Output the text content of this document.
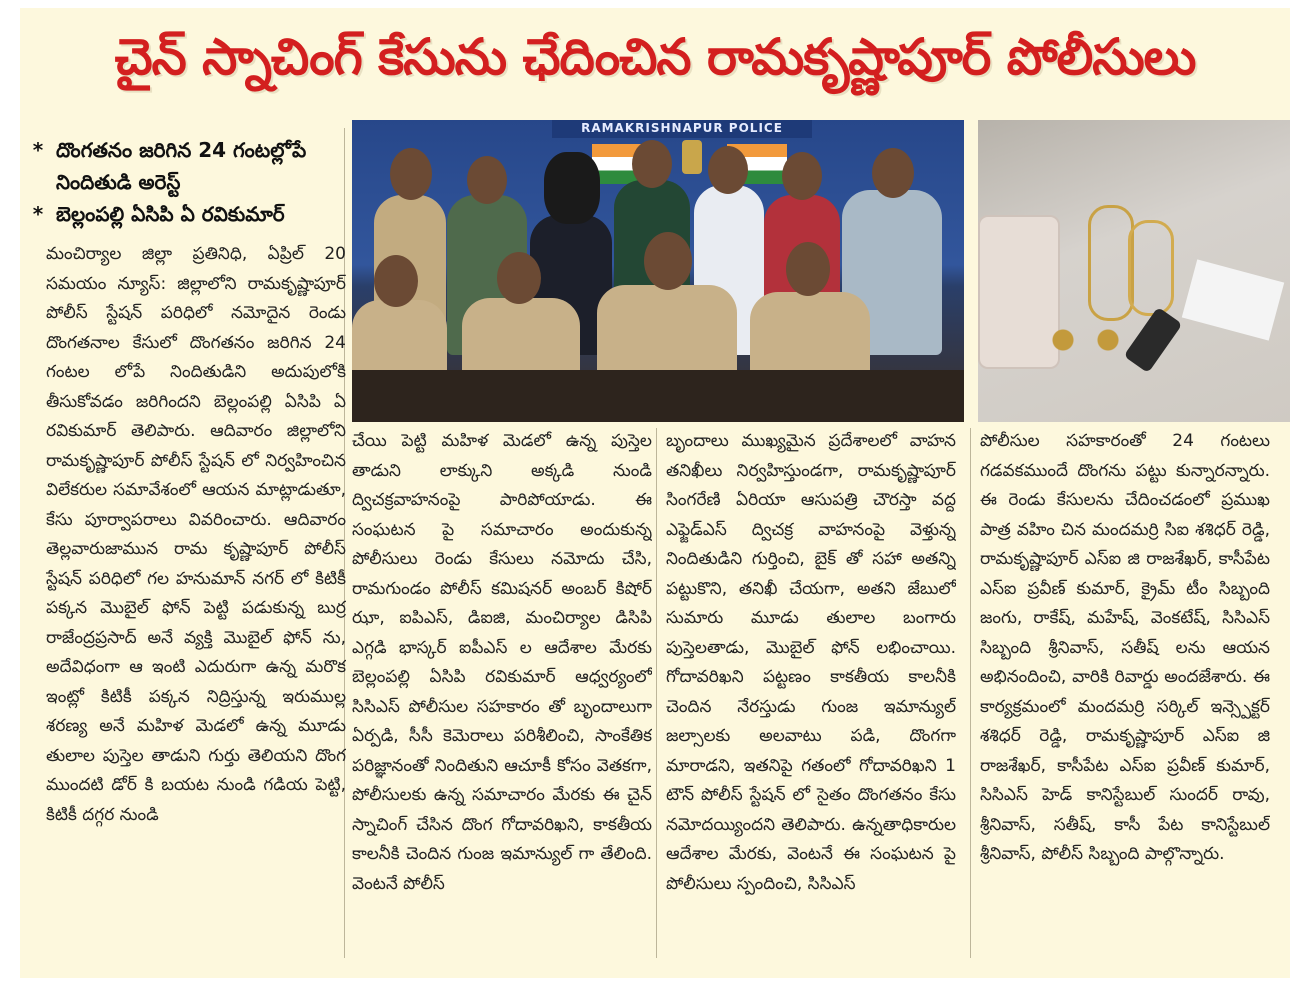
చైన్ స్నాచింగ్ కేసును ఛేదించిన రామకృష్ణాపూర్ పోలీసులు
* దొంగతనం జరిగిన 24 గంటల్లోపే నిందితుడి అరెస్ట్
* బెల్లంపల్లి ఏసిపి ఏ రవికుమార్
RAMAKRISHNAPUR POLICE

మంచిర్యాల జిల్లా ప్రతినిధి, ఏప్రిల్ 20 సమయం న్యూస్: జిల్లాలోని రామకృష్ణాపూర్ పోలీస్ స్టేషన్ పరిధిలో నమోదైన రెండు దొంగతనాల కేసులో దొంగతనం జరిగిన 24 గంటల లోపే నిందితుడిని అదుపులోకి తీసుకోవడం జరిగిందని బెల్లంపల్లి ఏసిపి ఏ రవికుమార్ తెలిపారు. ఆదివారం జిల్లాలోని రామకృష్ణాపూర్ పోలీస్ స్టేషన్ లో నిర్వహించిన విలేకరుల సమావేశంలో ఆయన మాట్లాడుతూ, కేసు పూర్వాపరాలు వివరించారు. ఆదివారం తెల్లవారుజామున రామ కృష్ణాపూర్ పోలీస్ స్టేషన్ పరిధిలో గల హనుమాన్ నగర్ లో కిటికీ పక్కన మొబైల్ ఫోన్ పెట్టి పడుకున్న బుర్ర రాజేంద్రప్రసాద్ అనే వ్యక్తి మొబైల్ ఫోన్ ను, అదేవిధంగా ఆ ఇంటి ఎదురుగా ఉన్న మరొక ఇంట్లో కిటికీ పక్కన నిద్రిస్తున్న ఇరుముల్ల శరణ్య అనే మహిళ మెడలో ఉన్న మూడు తులాల పుస్తెల తాడుని గుర్తు తెలియని దొంగ ముందటి డోర్ కి బయట నుండి గడియ పెట్టి, కిటికీ దగ్గర నుండి

చేయి పెట్టి మహిళ మెడలో ఉన్న పుస్తెల తాడుని లాక్కుని అక్కడి నుండి ద్విచక్రవాహనంపై పారిపోయాడు. ఈ సంఘటన పై సమాచారం అందుకున్న పోలీసులు రెండు కేసులు నమోదు చేసి, రామగుండం పోలీస్ కమిషనర్ అంబర్ కిషోర్ ఝా, ఐపిఎస్, డిఐజి, మంచిర్యాల డిసిపి ఎగ్గడి భాస్కర్ ఐపీఎస్ ల ఆదేశాల మేరకు బెల్లంపల్లి ఏసిపి రవికుమార్ ఆధ్వర్యంలో సిసిఎస్ పోలీసుల సహకారం తో బృందాలుగా ఏర్పడి, సీసీ కెమెరాలు పరిశీలించి, సాంకేతిక పరిజ్ఞానంతో నిందితుని ఆచూకీ కోసం వెతకగా, పోలీసులకు ఉన్న సమాచారం మేరకు ఈ చైన్ స్నాచింగ్ చేసిన దొంగ గోదావరిఖని, కాకతీయ కాలనీకి చెందిన గుంజ ఇమాన్యుల్ గా తేలింది. వెంటనే పోలీస్

బృందాలు ముఖ్యమైన ప్రదేశాలలో వాహన తనిఖీలు నిర్వహిస్తుండగా, రామకృష్ణాపూర్ సింగరేణి ఏరియా ఆసుపత్రి చౌరస్తా వద్ద ఎఫ్జెడ్ఎస్ ద్విచక్ర వాహనంపై వెళ్తున్న నిందితుడిని గుర్తించి, బైక్ తో సహా అతన్ని పట్టుకొని, తనిఖీ చేయగా, అతని జేబులో సుమారు మూడు తులాల బంగారు పుస్తెలతాడు, మొబైల్ ఫోన్ లభించాయి. గోదావరిఖని పట్టణం కాకతీయ కాలనీకి చెందిన నేరస్తుడు గుంజ ఇమాన్యుల్ జల్సాలకు అలవాటు పడి, దొంగగా మారాడని, ఇతనిపై గతంలో గోదావరిఖని 1 టౌన్ పోలీస్ స్టేషన్ లో సైతం దొంగతనం కేసు నమోదయ్యిందని తెలిపారు. ఉన్నతాధికారుల ఆదేశాల మేరకు, వెంటనే ఈ సంఘటన పై పోలీసులు స్పందించి, సిసిఎస్

పోలీసుల సహకారంతో 24 గంటలు గడవకముందే దొంగను పట్టు కున్నారన్నారు. ఈ రెండు కేసులను చేదించడంలో ప్రముఖ పాత్ర వహిం చిన మందమర్రి సిఐ శశిధర్ రెడ్డి, రామకృష్ణాపూర్ ఎస్ఐ జి రాజశేఖర్, కాసీపేట ఎస్ఐ ప్రవీణ్ కుమార్, క్రైమ్ టీం సిబ్బంది జంగు, రాకేష్, మహేష్, వెంకటేష్, సిసిఎస్ సిబ్బంది శ్రీనివాస్, సతీష్ లను ఆయన అభినందించి, వారికి రివార్డు అందజేశారు. ఈ కార్యక్రమంలో మందమర్రి సర్కిల్ ఇన్స్పెక్టర్ శశిధర్ రెడ్డి, రామకృష్ణాపూర్ ఎస్ఐ జి రాజశేఖర్, కాసీపేట ఎస్ఐ ప్రవీణ్ కుమార్, సిసిఎస్ హెడ్ కానిస్టేబుల్ సుందర్ రావు, శ్రీనివాస్, సతీష్, కాసీ పేట కానిస్టేబుల్ శ్రీనివాస్, పోలీస్ సిబ్బంది పాల్గొన్నారు.
